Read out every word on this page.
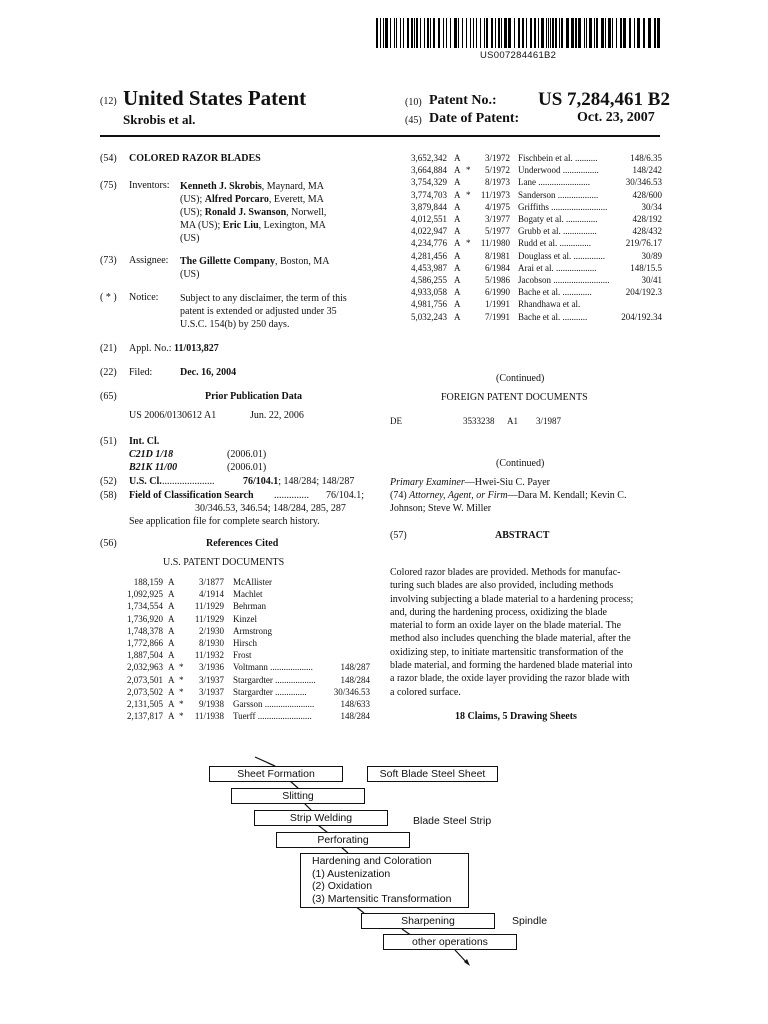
US007284461B2
(12) United States Patent
Skrobis et al.
(10) Patent No.: US 7,284,461 B2
(45) Date of Patent:	Oct. 23, 2007
(54) COLORED RAZOR BLADES
(75) Inventors: Kenneth J. Skrobis, Maynard, MA
(US); Alfred Porcaro, Everett, MA
(US); Ronald J. Swanson, Norwell,
MA (US); Eric Liu, Lexington, MA
(US)
(73) Assignee: The Gillette Company, Boston, MA
(US)
( * ) Notice: Subject to any disclaimer, the term of this
patent is extended or adjusted under 35
U.S.C. 154(b) by 250 days.
(21) Appl. No.: 11/013,827
(22) Filed:	Dec. 16, 2004
(65)	Prior Publication Data
US 2006/0130612 A1	Jun. 22, 2006
(51) Int. Cl.
C21D 1/18	(2006.01)
B21K 11/00	(2006.01)
(52) U.S. Cl. .....................	76/104.1; 148/284; 148/287
(58) Field of Classification Search .............. 76/104.1;
30/346.53, 346.54; 148/284, 285, 287
See application file for complete search history.
(56)	References Cited
U.S. PATENT DOCUMENTS
188,159 A	3/1877 McAllister
1,092,925 A	4/1914 Machlet
1,734,554 A 11/1929 Behrman
1,736,920 A 11/1929 Kinzel
1,748,378 A	2/1930 Armstrong
1,772,866 A	8/1930 Hirsch
1,887,504 A 11/1932 Frost
2,032,963 A * 3/1936 Voltmann ...................	148/287
2,073,501 A * 3/1937 Stargardter ..................	148/284
2,073,502 A * 3/1937 Stargardter ..............	30/346.53
2,131,505 A * 9/1938 Garsson ......................	148/633
2,137,817 A * 11/1938 Tuerff ........................	148/284
3,652,342 A	3/1972 Fischbein et al. ..........	148/6.35
3,664,884 A * 5/1972 Underwood ................	148/242
3,754,329 A	8/1973 Lane .......................	30/346.53
3,774,703 A * 11/1973 Sanderson ..................	428/600
3,879,844 A	4/1975 Griffiths .........................	30/34
4,012,551 A	3/1977 Bogaty et al. ..............	428/192
4,022,947 A	5/1977 Grubb et al. ...............	428/432
4,234,776 A * 11/1980 Rudd et al. ..............	219/76.17
4,281,456 A	8/1981 Douglass et al. ..............	30/89
4,453,987 A	6/1984 Arai et al. ..................	148/15.5
4,586,255 A	5/1986 Jacobson .........................	30/41
4,933,058 A	6/1990 Bache et al. .............	204/192.3
4,981,756 A	1/1991 Rhandhawa et al.
5,032,243 A	7/1991 Bache et al. ...........	204/192.34
(Continued)
FOREIGN PATENT DOCUMENTS
DE	3533238 A1 3/1987
(Continued)
Primary Examiner—Hwei-Siu C. Payer
(74) Attorney, Agent, or Firm—Dara M. Kendall; Kevin C.
Johnson; Steve W. Miller
(57)	ABSTRACT
Colored razor blades are provided. Methods for manufac-
turing such blades are also provided, including methods
involving subjecting a blade material to a hardening process;
and, during the hardening process, oxidizing the blade
material to form an oxide layer on the blade material. The
method also includes quenching the blade material, after the
oxidizing step, to initiate martensitic transformation of the
blade material, and forming the hardened blade material into
a razor blade, the oxide layer providing the razor blade with
a colored surface.
18 Claims, 5 Drawing Sheets
Sheet Formation	Soft Blade Steel Sheet
Slitting
Strip Welding	Blade Steel Strip
Perforating
Hardening and Coloration
(1) Austenization
(2) Oxidation
(3) Martensitic Transformation
Sharpening	Spindle
other operations
